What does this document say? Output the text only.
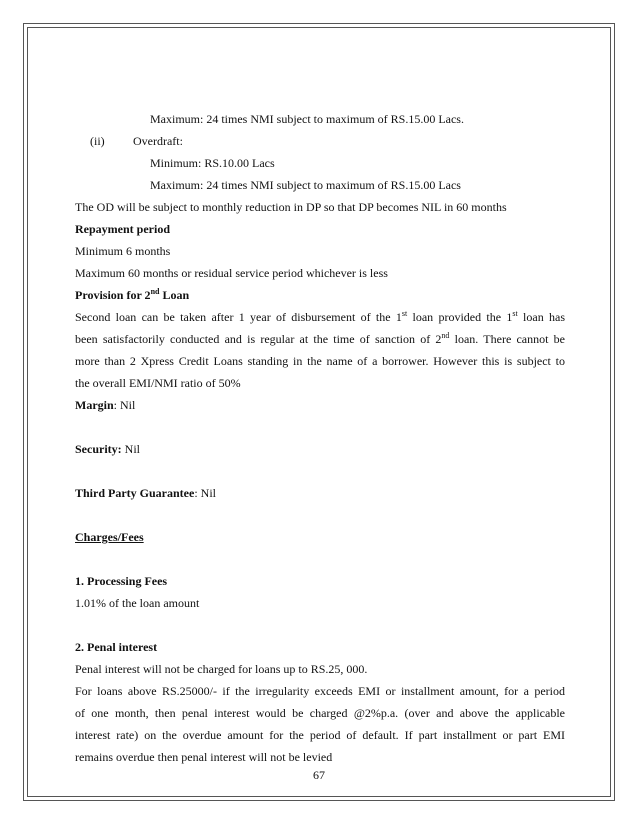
Maximum: 24 times NMI subject to maximum of RS.15.00 Lacs.
(ii) Overdraft:
Minimum: RS.10.00 Lacs
Maximum: 24 times NMI subject to maximum of RS.15.00 Lacs
The OD will be subject to monthly reduction in DP so that DP becomes NIL in 60 months
Repayment period
Minimum 6 months
Maximum 60 months or residual service period whichever is less
Provision for 2nd Loan
Second loan can be taken after 1 year of disbursement of the 1st loan provided the 1st loan has
been satisfactorily conducted and is regular at the time of sanction of 2nd loan. There cannot be
more than 2 Xpress Credit Loans standing in the name of a borrower. However this is subject to
the overall EMI/NMI ratio of 50%
Margin: Nil
Security: Nil
Third Party Guarantee: Nil
Charges/Fees
1. Processing Fees
1.01% of the loan amount
2. Penal interest
Penal interest will not be charged for loans up to RS.25, 000.
For loans above RS.25000/- if the irregularity exceeds EMI or installment amount, for a period
of one month, then penal interest would be charged @2%p.a. (over and above the applicable
interest rate) on the overdue amount for the period of default. If part installment or part EMI
remains overdue then penal interest will not be levied
67
